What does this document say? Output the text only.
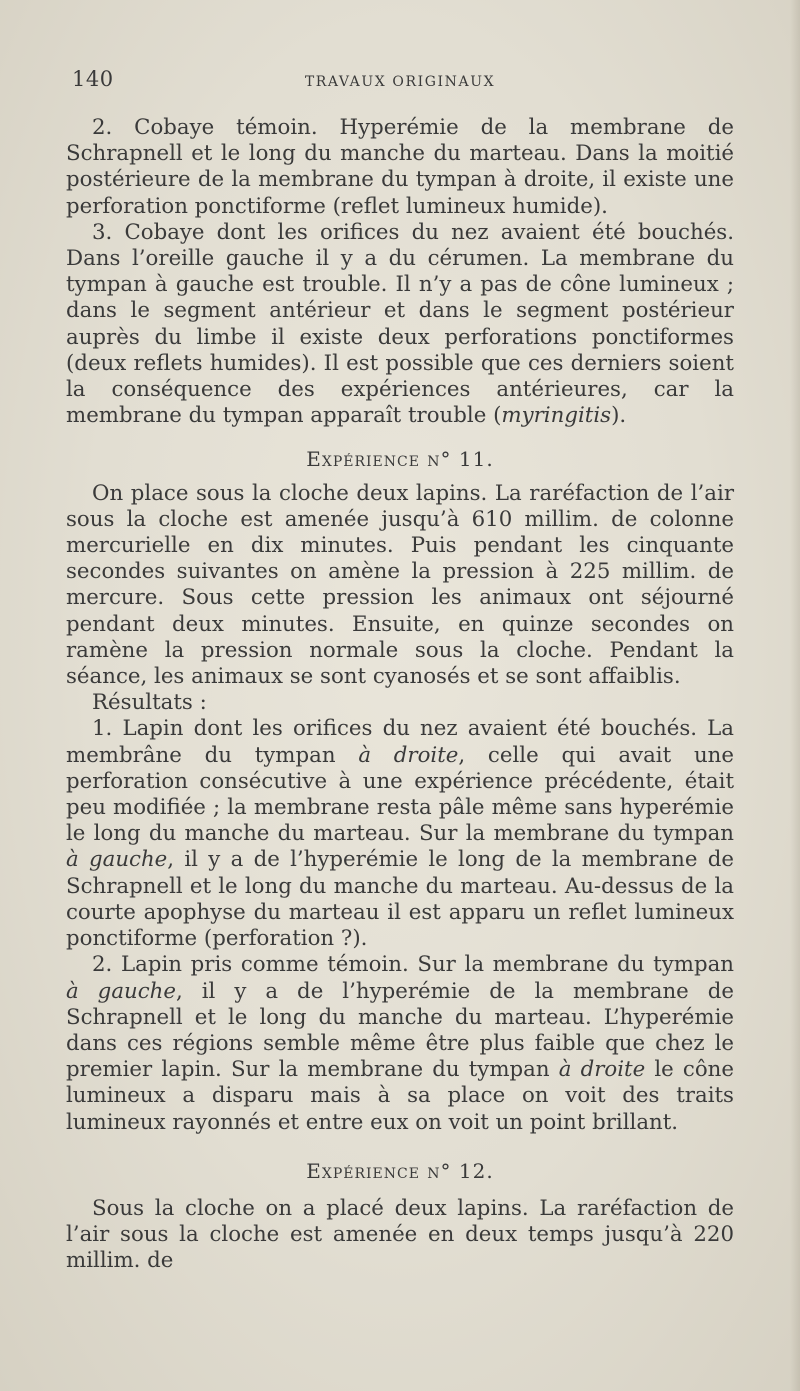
140	TRAVAUX ORIGINAUX

2. Cobaye témoin. Hyperémie de la membrane de Schrapnell et le long du manche du marteau. Dans la moitié postérieure de la membrane du tympan à droite, il existe une perforation ponctiforme (reflet lumineux humide).

3. Cobaye dont les orifices du nez avaient été bouchés. Dans l’oreille gauche il y a du cérumen. La membrane du tympan à gauche est trouble. Il n’y a pas de cône lumineux ; dans le segment antérieur et dans le segment postérieur auprès du limbe il existe deux perforations ponctiformes (deux reflets humides). Il est possible que ces derniers soient la conséquence des expériences antérieures, car la membrane du tympan apparaît trouble (myringitis).

Expérience n° 11.

On place sous la cloche deux lapins. La raréfaction de l’air sous la cloche est amenée jusqu’à 610 millim. de colonne mercurielle en dix minutes. Puis pendant les cinquante secondes suivantes on amène la pression à 225 millim. de mercure. Sous cette pression les animaux ont séjourné pendant deux minutes. Ensuite, en quinze secondes on ramène la pression normale sous la cloche. Pendant la séance, les animaux se sont cyanosés et se sont affaiblis.

Résultats :

1. Lapin dont les orifices du nez avaient été bouchés. La membrâne du tympan à droite, celle qui avait une perforation consécutive à une expérience précédente, était peu modifiée ; la membrane resta pâle même sans hyperémie le long du manche du marteau. Sur la membrane du tympan à gauche, il y a de l’hyperémie le long de la membrane de Schrapnell et le long du manche du marteau. Au-dessus de la courte apophyse du marteau il est apparu un reflet lumineux ponctiforme (perforation ?).

2. Lapin pris comme témoin. Sur la membrane du tympan à gauche, il y a de l’hyperémie de la membrane de Schrapnell et le long du manche du marteau. L’hyperémie dans ces régions semble même être plus faible que chez le premier lapin. Sur la membrane du tympan à droite le cône lumineux a disparu mais à sa place on voit des traits lumineux rayonnés et entre eux on voit un point brillant.

Expérience n° 12.

Sous la cloche on a placé deux lapins. La raréfaction de l’air sous la cloche est amenée en deux temps jusqu’à 220 millim. de
